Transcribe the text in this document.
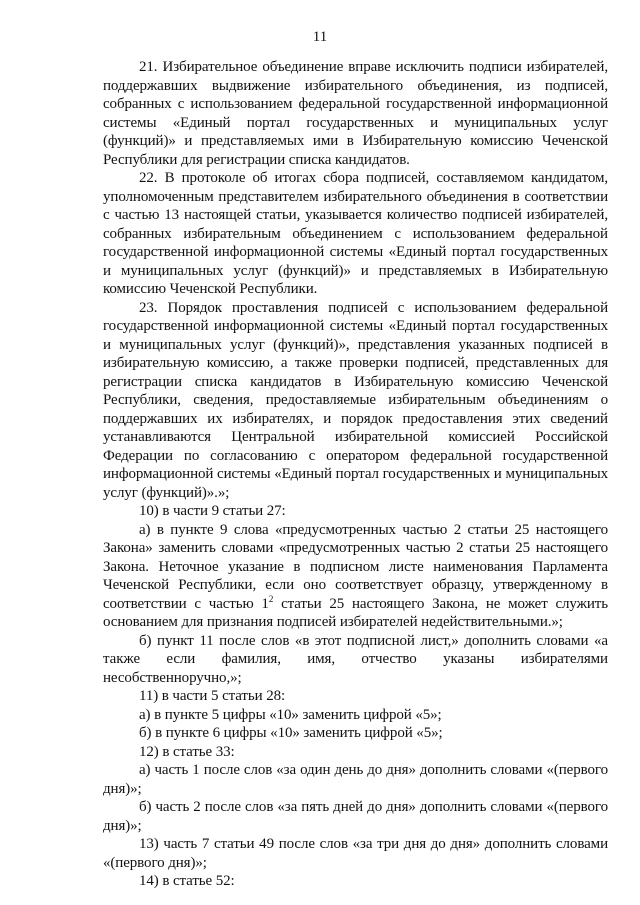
11

21. Избирательное объединение вправе исключить подписи избирателей, поддержавших выдвижение избирательного объединения, из подписей, собранных с использованием федеральной государственной информационной системы «Единый портал государственных и муниципальных услуг (функций)» и представляемых ими в Избирательную комиссию Чеченской Республики для регистрации списка кандидатов.

22. В протоколе об итогах сбора подписей, составляемом кандидатом, уполномоченным представителем избирательного объединения в соответствии с частью 13 настоящей статьи, указывается количество подписей избирателей, собранных избирательным объединением с использованием федеральной государственной информационной системы «Единый портал государственных и муниципальных услуг (функций)» и представляемых в Избирательную комиссию Чеченской Республики.

23. Порядок проставления подписей с использованием федеральной государственной информационной системы «Единый портал государственных и муниципальных услуг (функций)», представления указанных подписей в избирательную комиссию, а также проверки подписей, представленных для регистрации списка кандидатов в Избирательную комиссию Чеченской Республики, сведения, предоставляемые избирательным объединениям о поддержавших их избирателях, и порядок предоставления этих сведений устанавливаются Центральной избирательной комиссией Российской Федерации по согласованию с оператором федеральной государственной информационной системы «Единый портал государственных и муниципальных услуг (функций)».»;

10) в части 9 статьи 27:

а) в пункте 9 слова «предусмотренных частью 2 статьи 25 настоящего Закона» заменить словами «предусмотренных частью 2 статьи 25 настоящего Закона. Неточное указание в подписном листе наименования Парламента Чеченской Республики, если оно соответствует образцу, утвержденному в соответствии с частью $1^2$ статьи 25 настоящего Закона, не может служить основанием для признания подписей избирателей недействительными.»;

б) пункт 11 после слов «в этот подписной лист,» дополнить словами «а также если фамилия, имя, отчество указаны избирателями несобственноручно,»;

11) в части 5 статьи 28:

а) в пункте 5 цифры «10» заменить цифрой «5»;

б) в пункте 6 цифры «10» заменить цифрой «5»;

12) в статье 33:

а) часть 1 после слов «за один день до дня» дополнить словами «(первого дня)»;

б) часть 2 после слов «за пять дней до дня» дополнить словами «(первого дня)»;

13) часть 7 статьи 49 после слов «за три дня до дня» дополнить словами «(первого дня)»;

14) в статье 52:
